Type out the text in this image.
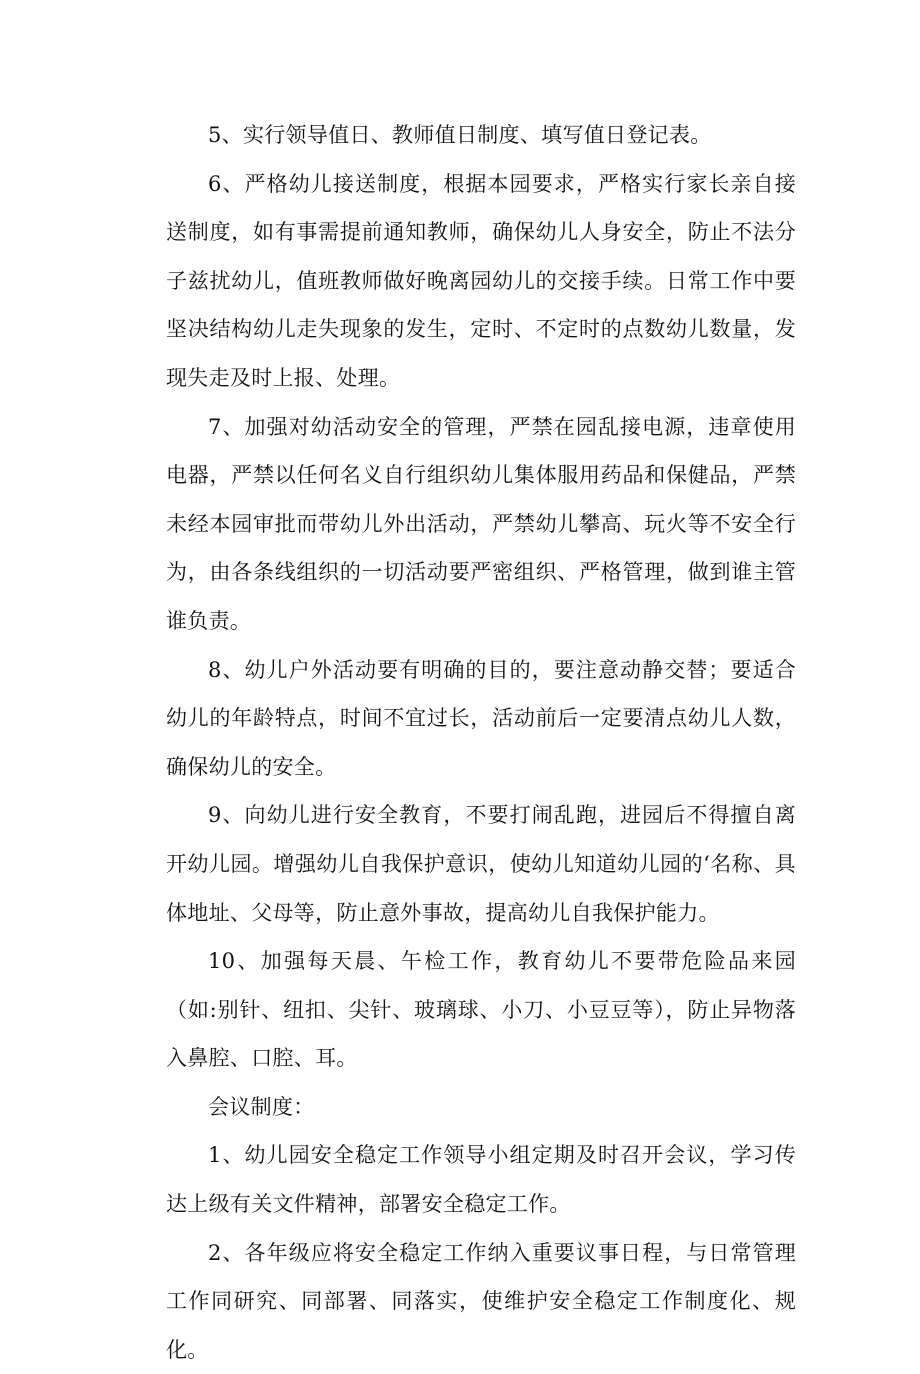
5、实行领导值日、教师值日制度、填写值日登记表。

6、严格幼儿接送制度，根据本园要求，严格实行家长亲自接送制度，如有事需提前通知教师，确保幼儿人身安全，防止不法分子兹扰幼儿，值班教师做好晚离园幼儿的交接手续。日常工作中要坚决结构幼儿走失现象的发生，定时、不定时的点数幼儿数量，发现失走及时上报、处理。

7、加强对幼活动安全的管理，严禁在园乱接电源，违章使用电器，严禁以任何名义自行组织幼儿集体服用药品和保健品，严禁未经本园审批而带幼儿外出活动，严禁幼儿攀高、玩火等不安全行为，由各条线组织的一切活动要严密组织、严格管理，做到谁主管谁负责。

8、幼儿户外活动要有明确的目的，要注意动静交替；要适合幼儿的年龄特点，时间不宜过长，活动前后一定要清点幼儿人数，确保幼儿的安全。

9、向幼儿进行安全教育，不要打闹乱跑，进园后不得擅自离开幼儿园。增强幼儿自我保护意识，使幼儿知道幼儿园的‘名称、具体地址、父母等，防止意外事故，提高幼儿自我保护能力。

10、加强每天晨、午检工作，教育幼儿不要带危险品来园（如:别针、纽扣、尖针、玻璃球、小刀、小豆豆等），防止异物落入鼻腔、口腔、耳。

会议制度：

1、幼儿园安全稳定工作领导小组定期及时召开会议，学习传达上级有关文件精神，部署安全稳定工作。

2、各年级应将安全稳定工作纳入重要议事日程，与日常管理工作同研究、同部署、同落实，使维护安全稳定工作制度化、规化。
